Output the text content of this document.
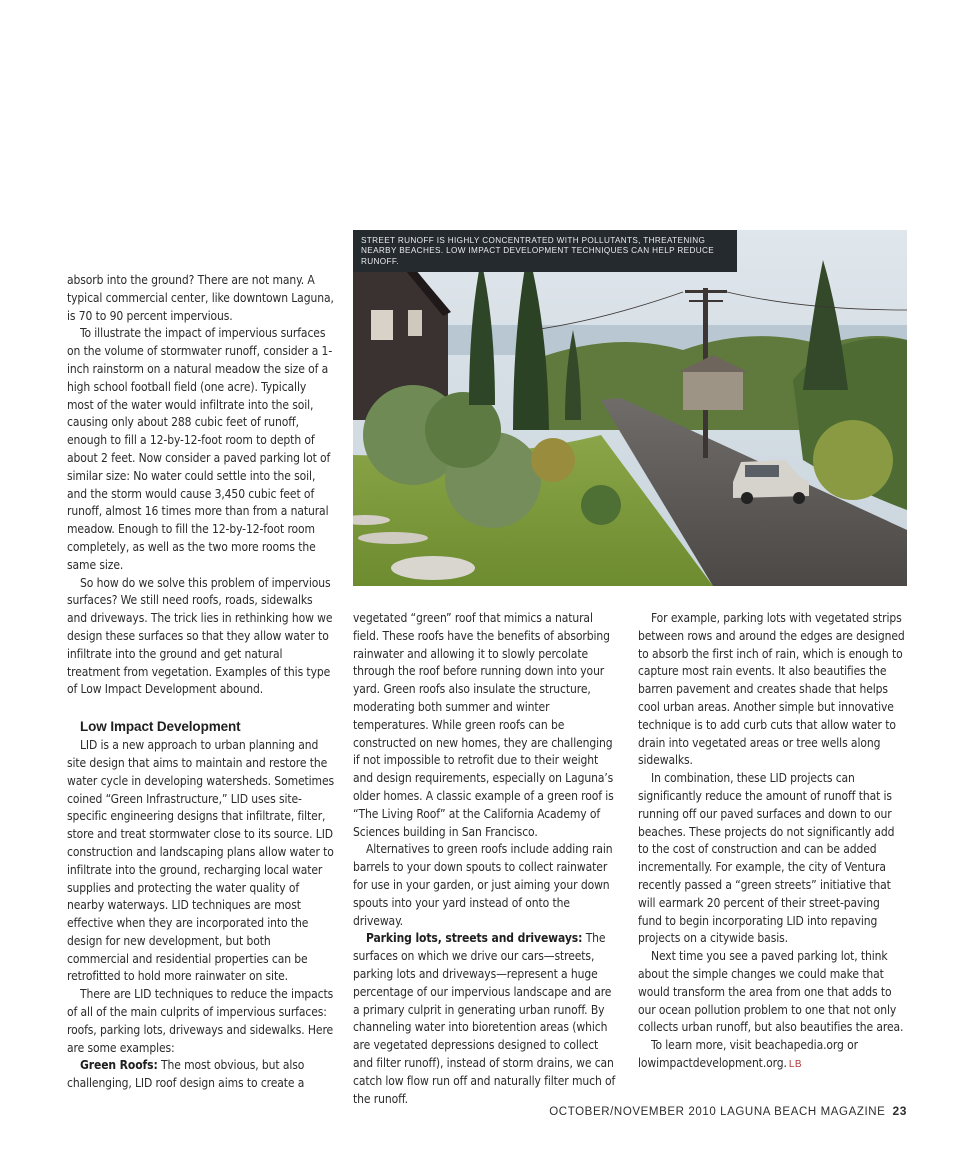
STREET RUNOFF IS HIGHLY CONCENTRATED WITH POLLUTANTS, THREATENING NEARBY BEACHES. LOW IMPACT DEVELOPMENT TECHNIQUES CAN HELP REDUCE RUNOFF.

absorb into the ground? There are not many. A typical commercial center, like downtown Laguna, is 70 to 90 percent impervious.

To illustrate the impact of impervious surfaces on the volume of stormwater runoff, consider a 1-inch rainstorm on a natural meadow the size of a high school football field (one acre). Typically most of the water would infiltrate into the soil, causing only about 288 cubic feet of runoff, enough to fill a 12-by-12-foot room to depth of about 2 feet. Now consider a paved parking lot of similar size: No water could settle into the soil, and the storm would cause 3,450 cubic feet of runoff, almost 16 times more than from a natural meadow. Enough to fill the 12-by-12-foot room completely, as well as the two more rooms the same size.

So how do we solve this problem of impervious surfaces? We still need roofs, roads, sidewalks and driveways. The trick lies in rethinking how we design these surfaces so that they allow water to infiltrate into the ground and get natural treatment from vegetation. Examples of this type of Low Impact Development abound.

Low Impact Development

LID is a new approach to urban planning and site design that aims to maintain and restore the water cycle in developing watersheds. Sometimes coined “Green Infrastructure,” LID uses site-specific engineering designs that infiltrate, filter, store and treat stormwater close to its source. LID construction and landscaping plans allow water to infiltrate into the ground, recharging local water supplies and protecting the water quality of nearby waterways. LID techniques are most effective when they are incorporated into the design for new development, but both commercial and residential properties can be retrofitted to hold more rainwater on site.

There are LID techniques to reduce the impacts of all of the main culprits of impervious surfaces: roofs, parking lots, driveways and sidewalks. Here are some examples:

Green Roofs: The most obvious, but also challenging, LID roof design aims to create a

vegetated “green” roof that mimics a natural field. These roofs have the benefits of absorbing rainwater and allowing it to slowly percolate through the roof before running down into your yard. Green roofs also insulate the structure, moderating both summer and winter temperatures. While green roofs can be constructed on new homes, they are challenging if not impossible to retrofit due to their weight and design requirements, especially on Laguna’s older homes. A classic example of a green roof is “The Living Roof” at the California Academy of Sciences building in San Francisco.

Alternatives to green roofs include adding rain barrels to your down spouts to collect rainwater for use in your garden, or just aiming your down spouts into your yard instead of onto the driveway.

Parking lots, streets and driveways: The surfaces on which we drive our cars—streets, parking lots and driveways—represent a huge percentage of our impervious landscape and are a primary culprit in generating urban runoff. By channeling water into bioretention areas (which are vegetated depressions designed to collect and filter runoff), instead of storm drains, we can catch low flow run off and naturally filter much of the runoff.

For example, parking lots with vegetated strips between rows and around the edges are designed to absorb the first inch of rain, which is enough to capture most rain events. It also beautifies the barren pavement and creates shade that helps cool urban areas. Another simple but innovative technique is to add curb cuts that allow water to drain into vegetated areas or tree wells along sidewalks.

In combination, these LID projects can significantly reduce the amount of runoff that is running off our paved surfaces and down to our beaches. These projects do not significantly add to the cost of construction and can be added incrementally. For example, the city of Ventura recently passed a “green streets” initiative that will earmark 20 percent of their street-paving fund to begin incorporating LID into repaving projects on a citywide basis.

Next time you see a paved parking lot, think about the simple changes we could make that would transform the area from one that adds to our ocean pollution problem to one that not only collects urban runoff, but also beautifies the area.

To learn more, visit beachapedia.org or lowimpactdevelopment.org. LB

OCTOBER/NOVEMBER 2010 LAGUNA BEACH MAGAZINE 23
